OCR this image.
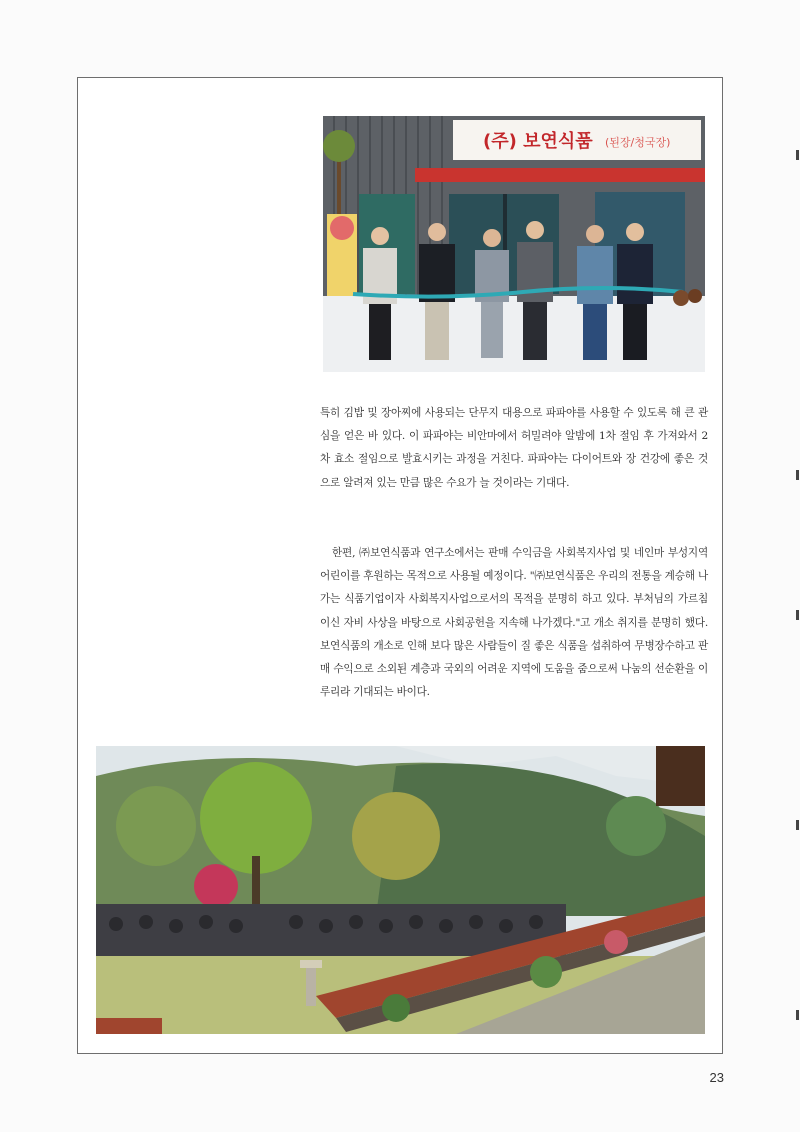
(주) 보연식품 (된장/청국장)

특히 김밥 및 장아찌에 사용되는 단무지 대용으로 파파야를 사용할 수 있도록 해 큰 관심을 얻은 바 있다. 이 파파야는 비안마에서 허밀려야 알밤에 1차 절임 후 가져와서 2차 효소 절임으로 발효시키는 과정을 거친다. 파파야는 다이어트와 장 건강에 좋은 것으로 알려져 있는 만큼 많은 수요가 늘 것이라는 기대다.

한편, ㈜보연식품과 연구소에서는 판매 수익금을 사회복지사업 및 네인마 부성지역 어린이를 후원하는 목적으로 사용될 예정이다. "㈜보연식품은 우리의 전통을 계승해 나가는 식품기업이자 사회복지사업으로서의 목적을 분명히 하고 있다. 부처님의 가르침이신 자비 사상을 바탕으로 사회공헌을 지속해 나가겠다."고 개소 취지를 분명히 했다. 보연식품의 개소로 인해 보다 많은 사람들이 질 좋은 식품을 섭취하여 무병장수하고 판매 수익으로 소외된 계층과 국외의 어려운 지역에 도움을 줌으로써 나눔의 선순환을 이루리라 기대되는 바이다.

23
